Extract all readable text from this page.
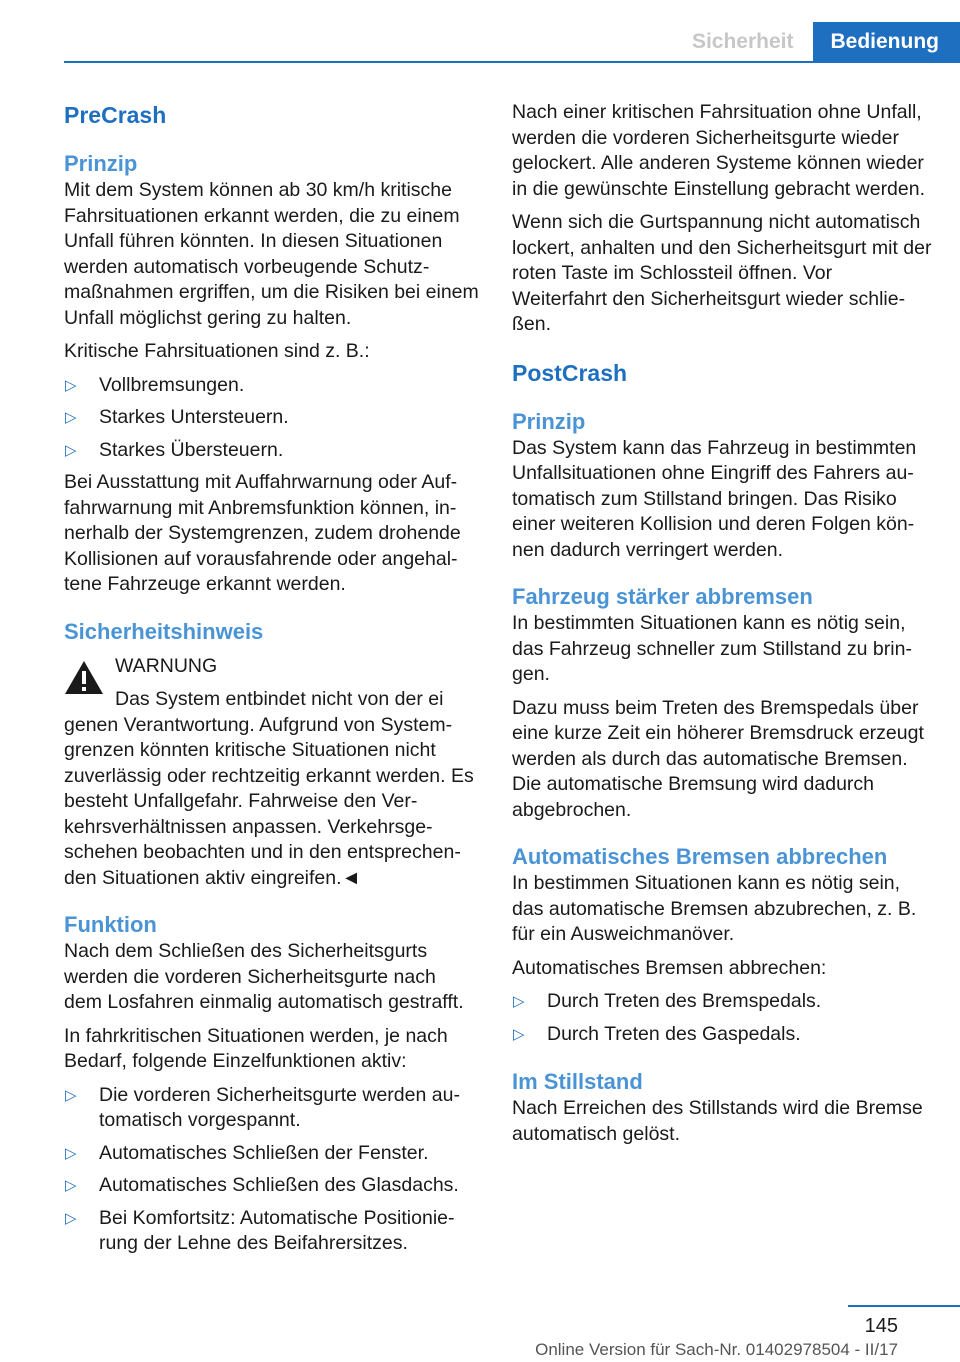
Sicherheit	Bedienung
PreCrash
Prinzip

Mit dem System können ab 30 km/h kritische Fahrsituationen erkannt werden, die zu einem Unfall führen könnten. In diesen Situationen werden automatisch vorbeugende Schutzmaßnahmen ergriffen, um die Risiken bei einem Unfall möglichst gering zu halten.

Kritische Fahrsituationen sind z. B.:

▷	Vollbremsungen.
▷	Starkes Untersteuern.
▷	Starkes Übersteuern.

Bei Ausstattung mit Auffahrwarnung oder Auffahrwarnung mit Anbremsfunktion können, innerhalb der Systemgrenzen, zudem drohende Kollisionen auf vorausfahrende oder angehaltene Fahrzeuge erkannt werden.

Sicherheitshinweis
WARNUNG
Das System entbindet nicht von der ei

genen Verantwortung. Aufgrund von Systemgrenzen könnten kritische Situationen nicht zuverlässig oder rechtzeitig erkannt werden. Es besteht Unfallgefahr. Fahrweise den Verkehrsverhältnissen anpassen. Verkehrsgeschehen beobachten und in den entsprechenden Situationen aktiv eingreifen.◄

Funktion

Nach dem Schließen des Sicherheitsgurts werden die vorderen Sicherheitsgurte nach dem Losfahren einmalig automatisch gestrafft.

In fahrkritischen Situationen werden, je nach Bedarf, folgende Einzelfunktionen aktiv:

▷	Die vorderen Sicherheitsgurte werden automatisch vorgespannt.
▷	Automatisches Schließen der Fenster.
▷	Automatisches Schließen des Glasdachs.
▷	Bei Komfortsitz: Automatische Positionierung der Lehne des Beifahrersitzes.

Nach einer kritischen Fahrsituation ohne Unfall, werden die vorderen Sicherheitsgurte wieder gelockert. Alle anderen Systeme können wieder in die gewünschte Einstellung gebracht werden.

Wenn sich die Gurtspannung nicht automatisch lockert, anhalten und den Sicherheitsgurt mit der roten Taste im Schlossteil öffnen. Vor Weiterfahrt den Sicherheitsgurt wieder schließen.

PostCrash
Prinzip

Das System kann das Fahrzeug in bestimmten Unfallsituationen ohne Eingriff des Fahrers automatisch zum Stillstand bringen. Das Risiko einer weiteren Kollision und deren Folgen können dadurch verringert werden.

Fahrzeug stärker abbremsen

In bestimmten Situationen kann es nötig sein, das Fahrzeug schneller zum Stillstand zu bringen.

Dazu muss beim Treten des Bremspedals über eine kurze Zeit ein höherer Bremsdruck erzeugt werden als durch das automatische Bremsen. Die automatische Bremsung wird dadurch abgebrochen.

Automatisches Bremsen abbrechen

In bestimmen Situationen kann es nötig sein, das automatische Bremsen abzubrechen, z. B. für ein Ausweichmanöver.

Automatisches Bremsen abbrechen:

▷	Durch Treten des Bremspedals.
▷	Durch Treten des Gaspedals.
Im Stillstand

Nach Erreichen des Stillstands wird die Bremse automatisch gelöst.

145
Online Version für Sach-Nr. 01402978504 - II/17
